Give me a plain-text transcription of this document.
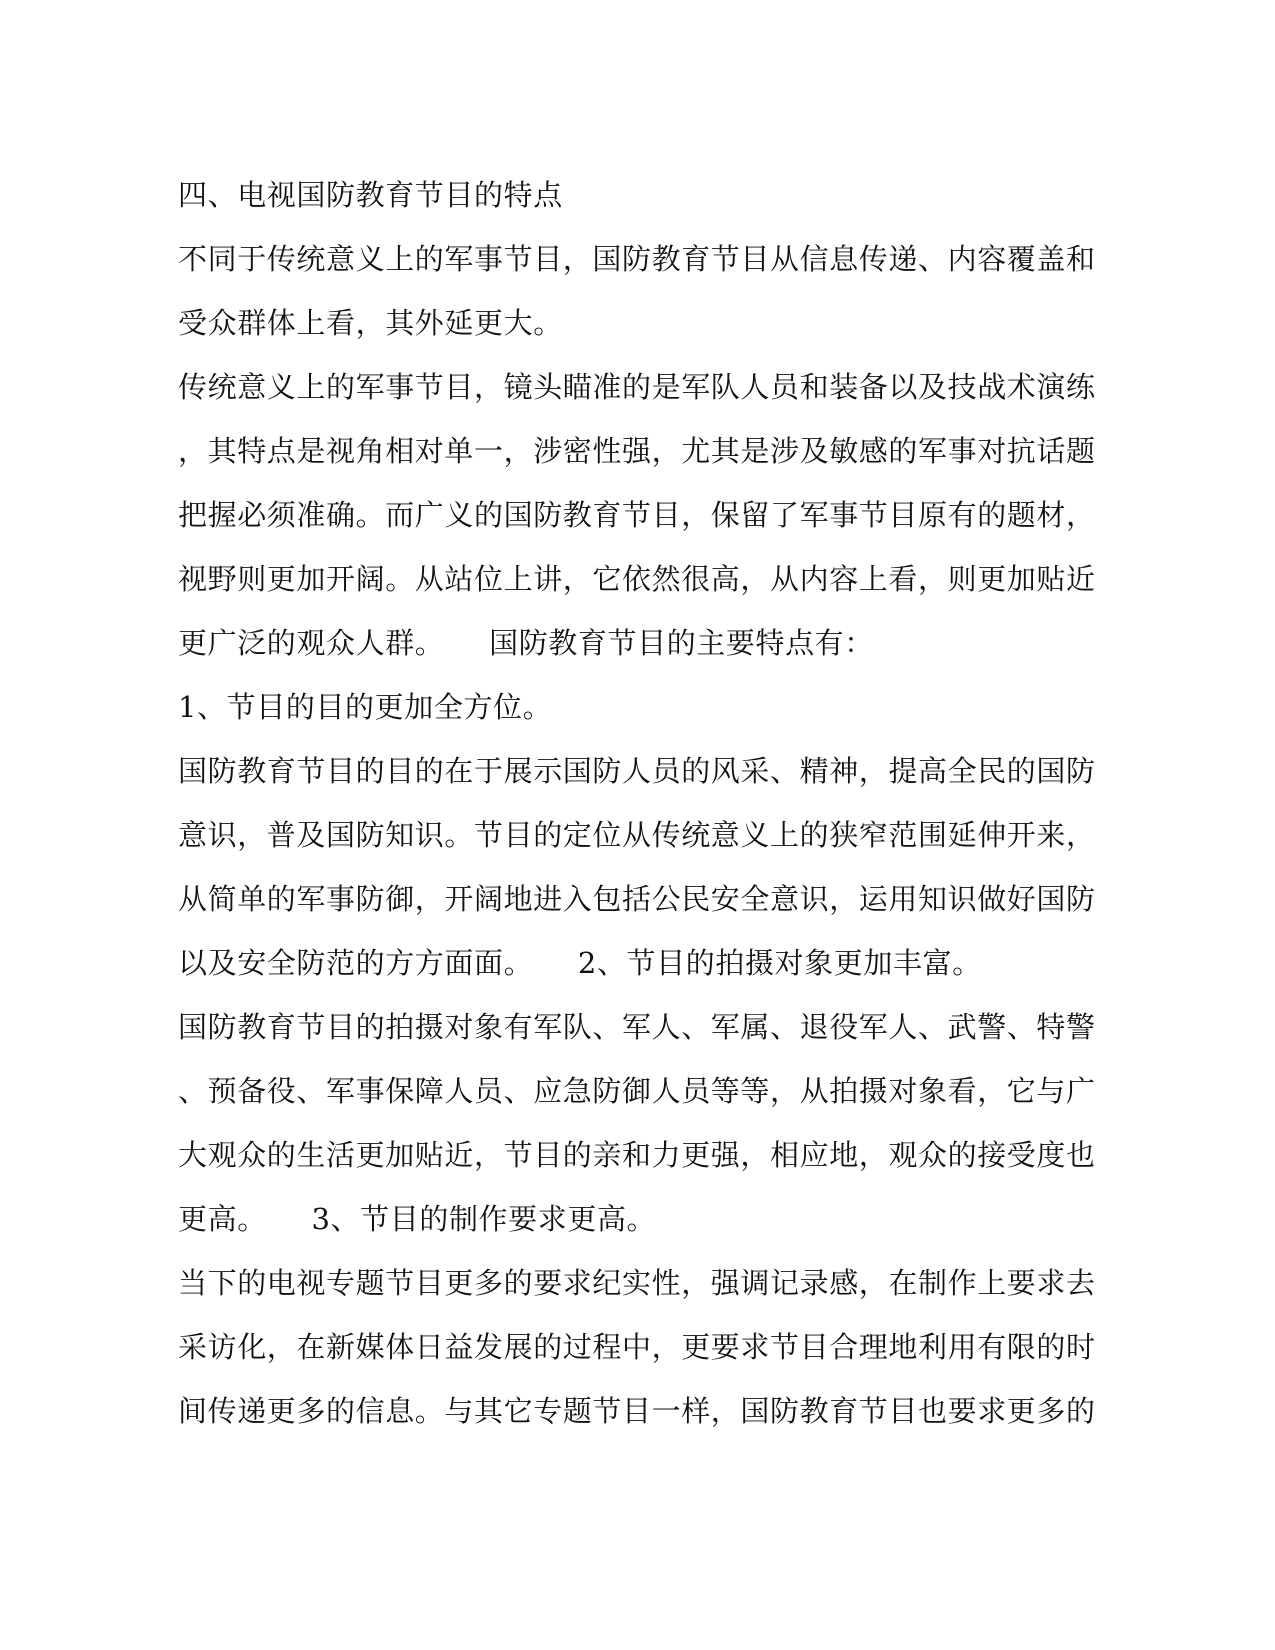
四、电视国防教育节目的特点
不同于传统意义上的军事节目，国防教育节目从信息传递、内容覆盖和
受众群体上看，其外延更大。
传统意义上的军事节目，镜头瞄准的是军队人员和装备以及技战术演练
，其特点是视角相对单一，涉密性强，尤其是涉及敏感的军事对抗话题
把握必须准确。而广义的国防教育节目，保留了军事节目原有的题材，
视野则更加开阔。从站位上讲，它依然很高，从内容上看，则更加贴近
更广泛的观众人群。　　国防教育节目的主要特点有：
1、节目的目的更加全方位。
国防教育节目的目的在于展示国防人员的风采、精神，提高全民的国防
意识，普及国防知识。节目的定位从传统意义上的狭窄范围延伸开来，
从简单的军事防御，开阔地进入包括公民安全意识，运用知识做好国防
以及安全防范的方方面面。　　2、节目的拍摄对象更加丰富。
国防教育节目的拍摄对象有军队、军人、军属、退役军人、武警、特警
、预备役、军事保障人员、应急防御人员等等，从拍摄对象看，它与广
大观众的生活更加贴近，节目的亲和力更强，相应地，观众的接受度也
更高。　　3、节目的制作要求更高。
当下的电视专题节目更多的要求纪实性，强调记录感，在制作上要求去
采访化，在新媒体日益发展的过程中，更要求节目合理地利用有限的时
间传递更多的信息。与其它专题节目一样，国防教育节目也要求更多的
